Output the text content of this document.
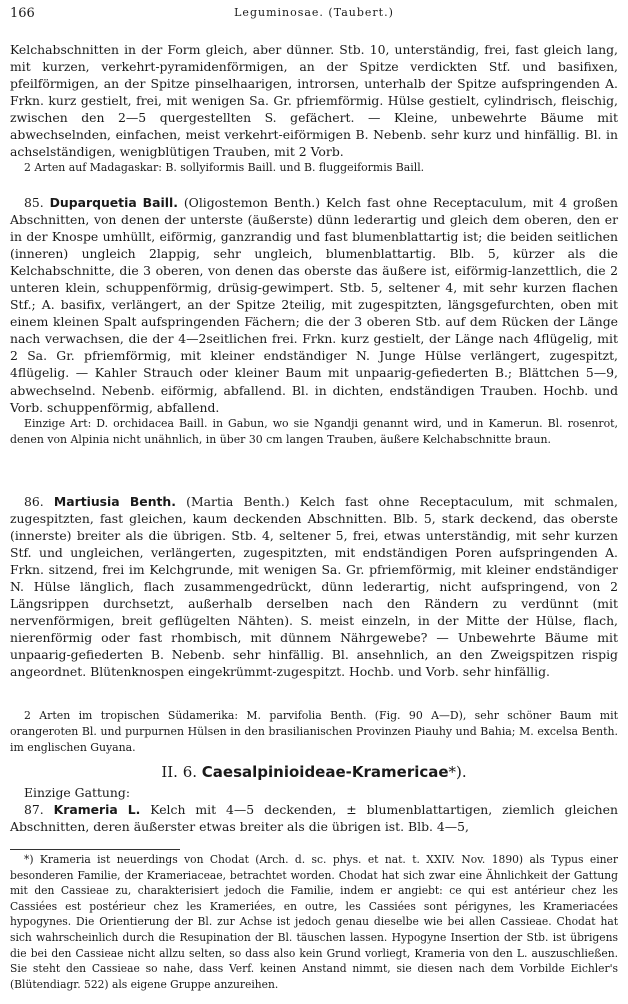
166	Leguminosae. (Taubert.)

Kelchabschnitten in der Form gleich, aber dünner. Stb. 10, unterständig, frei, fast gleich lang, mit kurzen, verkehrt-pyramidenförmigen, an der Spitze verdickten Stf. und basifixen, pfeilförmigen, an der Spitze pinselhaarigen, introrsen, unterhalb der Spitze aufspringenden A. Frkn. kurz gestielt, frei, mit wenigen Sa. Gr. pfriemförmig. Hülse gestielt, cylindrisch, fleischig, zwischen den 2—5 quergestellten S. gefächert. — Kleine, unbewehrte Bäume mit abwechselnden, einfachen, meist verkehrt-eiförmigen B. Nebenb. sehr kurz und hinfällig. Bl. in achselständigen, wenigblütigen Trauben, mit 2 Vorb.

2 Arten auf Madagaskar: B. sollyiformis Baill. und B. fluggeiformis Baill.

85. Duparquetia Baill. (Oligostemon Benth.) Kelch fast ohne Receptaculum, mit 4 großen Abschnitten, von denen der unterste (äußerste) dünn lederartig und gleich dem oberen, den er in der Knospe umhüllt, eiförmig, ganzrandig und fast blumenblattartig ist; die beiden seitlichen (inneren) ungleich 2lappig, sehr ungleich, blumenblattartig. Blb. 5, kürzer als die Kelchabschnitte, die 3 oberen, von denen das oberste das äußere ist, eiförmig-lanzettlich, die 2 unteren klein, schuppenförmig, drüsig-gewimpert. Stb. 5, seltener 4, mit sehr kurzen flachen Stf.; A. basifix, verlängert, an der Spitze 2teilig, mit zugespitzten, längsgefurchten, oben mit einem kleinen Spalt aufspringenden Fächern; die der 3 oberen Stb. auf dem Rücken der Länge nach verwachsen, die der 4—2seitlichen frei. Frkn. kurz gestielt, der Länge nach 4flügelig, mit 2 Sa. Gr. pfriemförmig, mit kleiner endständiger N. Junge Hülse verlängert, zugespitzt, 4flügelig. — Kahler Strauch oder kleiner Baum mit unpaarig-gefiederten B.; Blättchen 5—9, abwechselnd. Nebenb. eiförmig, abfallend. Bl. in dichten, endständigen Trauben. Hochb. und Vorb. schuppenförmig, abfallend.

Einzige Art: D. orchidacea Baill. in Gabun, wo sie Ngandji genannt wird, und in Kamerun. Bl. rosenrot, denen von Alpinia nicht unähnlich, in über 30 cm langen Trauben, äußere Kelchabschnitte braun.

86. Martiusia Benth. (Martia Benth.) Kelch fast ohne Receptaculum, mit schmalen, zugespitzten, fast gleichen, kaum deckenden Abschnitten. Blb. 5, stark deckend, das oberste (innerste) breiter als die übrigen. Stb. 4, seltener 5, frei, etwas unterständig, mit sehr kurzen Stf. und ungleichen, verlängerten, zugespitzten, mit endständigen Poren aufspringenden A. Frkn. sitzend, frei im Kelchgrunde, mit wenigen Sa. Gr. pfriemförmig, mit kleiner endständiger N. Hülse länglich, flach zusammengedrückt, dünn lederartig, nicht aufspringend, von 2 Längsrippen durchsetzt, außerhalb derselben nach den Rändern zu verdünnt (mit nervenförmigen, breit geflügelten Nähten). S. meist einzeln, in der Mitte der Hülse, flach, nierenförmig oder fast rhombisch, mit dünnem Nährgewebe? — Unbewehrte Bäume mit unpaarig-gefiederten B. Nebenb. sehr hinfällig. Bl. ansehnlich, an den Zweigspitzen rispig angeordnet. Blütenknospen eingekrümmt-zugespitzt. Hochb. und Vorb. sehr hinfällig.

2 Arten im tropischen Südamerika: M. parvifolia Benth. (Fig. 90 A—D), sehr schöner Baum mit orangeroten Bl. und purpurnen Hülsen in den brasilianischen Provinzen Piauhy und Bahia; M. excelsa Benth. im englischen Guyana.

II. 6. Caesalpinioideae-Kramericae*).

Einzige Gattung:

87. Krameria L. Kelch mit 4—5 deckenden, ± blumenblattartigen, ziemlich gleichen Abschnitten, deren äußerster etwas breiter als die übrigen ist. Blb. 4—5,

*) Krameria ist neuerdings von Chodat (Arch. d. sc. phys. et nat. t. XXIV. Nov. 1890) als Typus einer besonderen Familie, der Krameriaceae, betrachtet worden. Chodat hat sich zwar eine Ähnlichkeit der Gattung mit den Cassieae zu, charakterisiert jedoch die Familie, indem er angiebt: ce qui est antérieur chez les Cassiées est postérieur chez les Krameriées, en outre, les Cassiées sont périgynes, les Krameriacées hypogynes. Die Orientierung der Bl. zur Achse ist jedoch genau dieselbe wie bei allen Cassieae. Chodat hat sich wahrscheinlich durch die Resupination der Bl. täuschen lassen. Hypogyne Insertion der Stb. ist übrigens die bei den Cassieae nicht allzu selten, so dass also kein Grund vorliegt, Krameria von den L. auszuschließen. Sie steht den Cassieae so nahe, dass Verf. keinen Anstand nimmt, sie diesen nach dem Vorbilde Eichler's (Blütendiagr. 522) als eigene Gruppe anzureihen.
